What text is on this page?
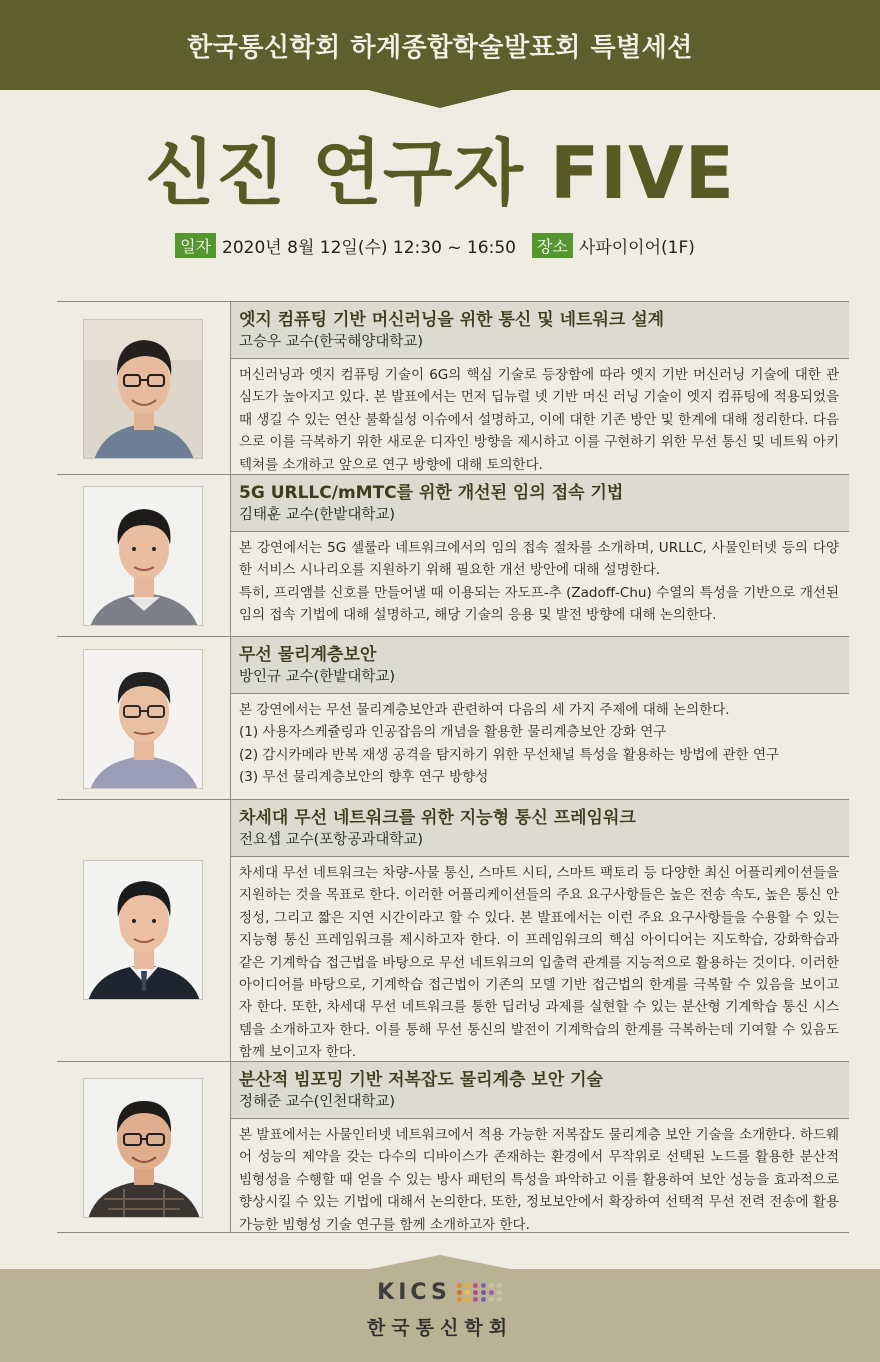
한국통신학회 하계종합학술발표회 특별세션
신진 연구자 FIVE
일자 2020년 8월 12일(수) 12:30 ~ 16:50	장소 사파이이어(1F)
엣지 컴퓨팅 기반 머신러닝을 위한 통신 및 네트워크 설계
고승우 교수(한국해양대학교)

머신러닝과 엣지 컴퓨팅 기술이 6G의 핵심 기술로 등장함에 따라 엣지 기반 머신러닝 기술에 대한 관심도가 높아지고 있다. 본 발표에서는 먼저 딥뉴럴 넷 기반 머신 러닝 기술이 엣지 컴퓨팅에 적용되었을 때 생길 수 있는 연산 불확실성 이슈에서 설명하고, 이에 대한 기존 방안 및 한계에 대해 정리한다. 다음으로 이를 극복하기 위한 새로운 디자인 방향을 제시하고 이를 구현하기 위한 무선 통신 및 네트웍 아키텍쳐를 소개하고 앞으로 연구 방향에 대해 토의한다.

5G URLLC/mMTC를 위한 개선된 임의 접속 기법
김태훈 교수(한밭대학교)

본 강연에서는 5G 셀룰라 네트워크에서의 임의 접속 절차를 소개하며, URLLC, 사물인터넷 등의 다양한 서비스 시나리오를 지원하기 위해 필요한 개선 방안에 대해 설명한다.

특히, 프리앰블 신호를 만들어낼 때 이용되는 자도프-추 (Zadoff-Chu) 수열의 특성을 기반으로 개선된 임의 접속 기법에 대해 설명하고, 해당 기술의 응용 및 발전 방향에 대해 논의한다.

무선 물리계층보안
방인규 교수(한밭대학교)

본 강연에서는 무선 물리계층보안과 관련하여 다음의 세 가지 주제에 대해 논의한다.

(1) 사용자스케쥴링과 인공잡음의 개념을 활용한 물리계층보안 강화 연구

(2) 감시카메라 반복 재생 공격을 탐지하기 위한 무선채널 특성을 활용하는 방법에 관한 연구

(3) 무선 물리계층보안의 향후 연구 방향성

차세대 무선 네트워크를 위한 지능형 통신 프레임워크
전요셉 교수(포항공과대학교)

차세대 무선 네트워크는 차량-사물 통신, 스마트 시티, 스마트 팩토리 등 다양한 최신 어플리케이션들을 지원하는 것을 목표로 한다. 이러한 어플리케이션들의 주요 요구사항들은 높은 전송 속도, 높은 통신 안정성, 그리고 짧은 지연 시간이라고 할 수 있다. 본 발표에서는 이런 주요 요구사항들을 수용할 수 있는 지능형 통신 프레임워크를 제시하고자 한다. 이 프레임워크의 핵심 아이디어는 지도학습, 강화학습과 같은 기계학습 접근법을 바탕으로 무선 네트워크의 입출력 관계를 지능적으로 활용하는 것이다. 이러한 아이디어를 바탕으로, 기계학습 접근법이 기존의 모델 기반 접근법의 한계를 극복할 수 있음을 보이고자 한다. 또한, 차세대 무선 네트워크를 통한 딥러닝 과제를 실현할 수 있는 분산형 기계학습 통신 시스템을 소개하고자 한다. 이를 통해 무선 통신의 발전이 기계학습의 한계를 극복하는데 기여할 수 있음도 함께 보이고자 한다.

분산적 빔포밍 기반 저복잡도 물리계층 보안 기술
정해준 교수(인천대학교)

본 발표에서는 사물인터넷 네트워크에서 적용 가능한 저복잡도 물리계층 보안 기술을 소개한다. 하드웨어 성능의 제약을 갖는 다수의 디바이스가 존재하는 환경에서 무작위로 선택된 노드를 활용한 분산적 빔형성을 수행할 때 얻을 수 있는 방사 패턴의 특성을 파악하고 이를 활용하여 보안 성능을 효과적으로 향상시킬 수 있는 기법에 대해서 논의한다. 또한, 정보보안에서 확장하여 선택적 무선 전력 전송에 활용 가능한 빔형성 기술 연구를 함께 소개하고자 한다.

KICS
한국통신학회
